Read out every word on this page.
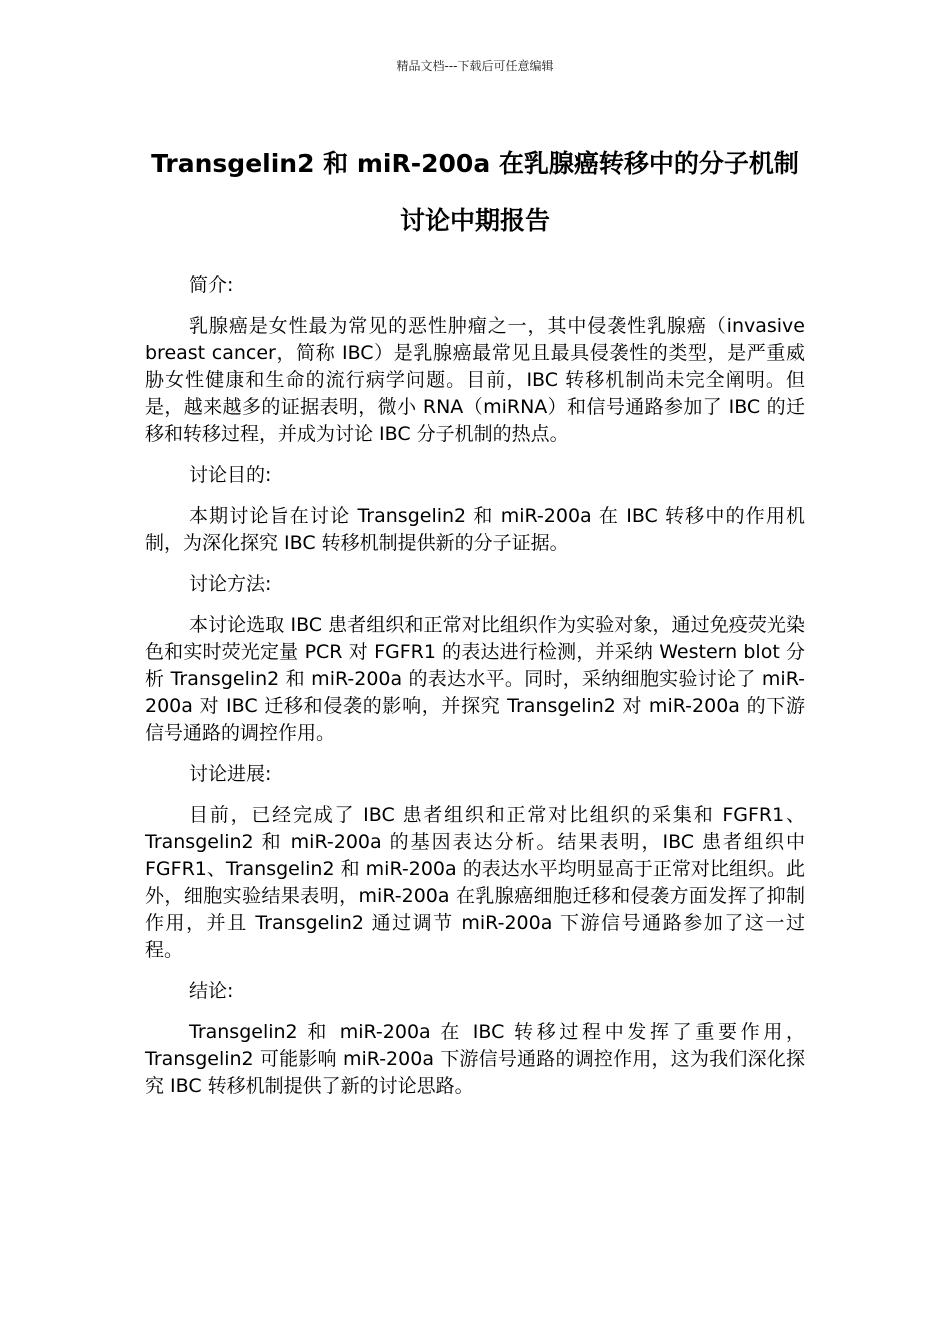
精品文档---下载后可任意编辑
Transgelin2 和 miR-200a 在乳腺癌转移中的分子机制讨论中期报告
简介:
乳腺癌是女性最为常见的恶性肿瘤之一，其中侵袭性乳腺癌（invasive breast cancer，简称 IBC）是乳腺癌最常见且最具侵袭性的类型，是严重威胁女性健康和生命的流行病学问题。目前，IBC 转移机制尚未完全阐明。但是，越来越多的证据表明，微小 RNA（miRNA）和信号通路参加了 IBC 的迁移和转移过程，并成为讨论 IBC 分子机制的热点。
讨论目的:
本期讨论旨在讨论 Transgelin2 和 miR-200a 在 IBC 转移中的作用机制，为深化探究 IBC 转移机制提供新的分子证据。
讨论方法:
本讨论选取 IBC 患者组织和正常对比组织作为实验对象，通过免疫荧光染色和实时荧光定量 PCR 对 FGFR1 的表达进行检测，并采纳 Western blot 分析 Transgelin2 和 miR-200a 的表达水平。同时，采纳细胞实验讨论了 miR-200a 对 IBC 迁移和侵袭的影响，并探究 Transgelin2 对 miR-200a 的下游信号通路的调控作用。
讨论进展:
目前，已经完成了 IBC 患者组织和正常对比组织的采集和 FGFR1、Transgelin2 和 miR-200a 的基因表达分析。结果表明，IBC 患者组织中 FGFR1、Transgelin2 和 miR-200a 的表达水平均明显高于正常对比组织。此外，细胞实验结果表明，miR-200a 在乳腺癌细胞迁移和侵袭方面发挥了抑制作用，并且 Transgelin2 通过调节 miR-200a 下游信号通路参加了这一过程。
结论:
Transgelin2 和 miR-200a 在 IBC 转移过程中发挥了重要作用，Transgelin2 可能影响 miR-200a 下游信号通路的调控作用，这为我们深化探究 IBC 转移机制提供了新的讨论思路。
